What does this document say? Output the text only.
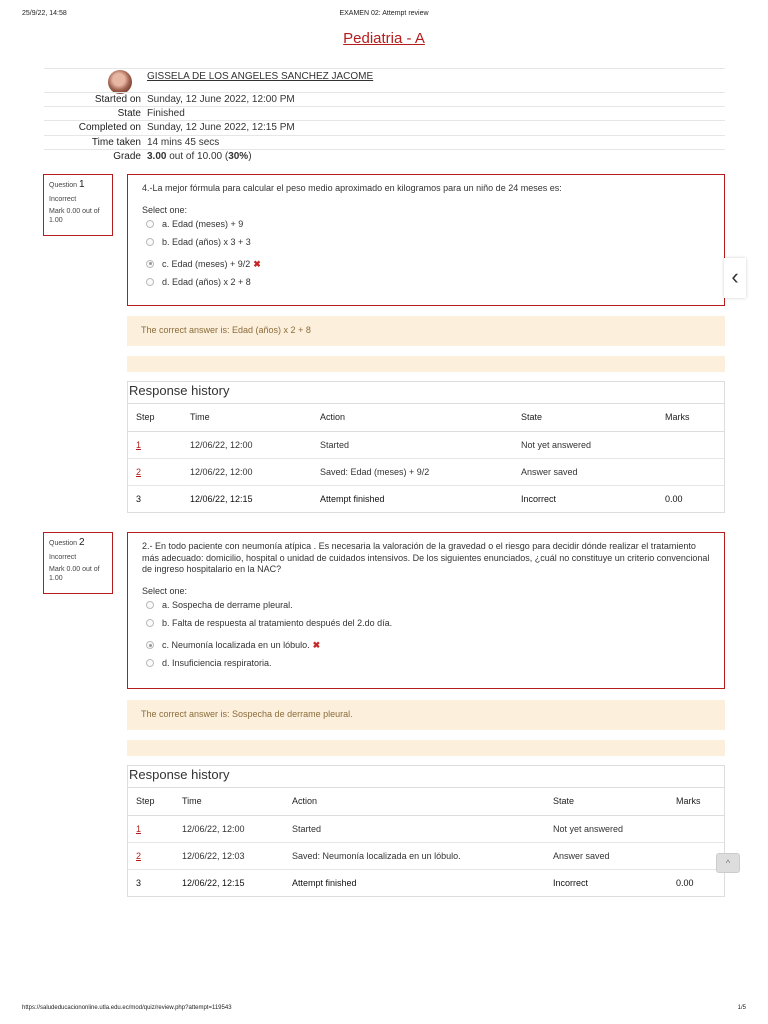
25/9/22, 14:58	EXAMEN 02: Attempt review
Pediatria - A
GISSELA DE LOS ANGELES SANCHEZ JACOME
Started on Sunday, 12 June 2022, 12:00 PM
State Finished
Completed on Sunday, 12 June 2022, 12:15 PM
Time taken 14 mins 45 secs
Grade 3.00 out of 10.00 (30%)
Question 1

Incorrect

Mark 0.00 out of 1.00

4.-La mejor fórmula para calcular el peso medio aproximado en kilogramos para un niño de 24 meses es:
Select one:
a. Edad (meses) + 9
b. Edad (años) x 3 + 3
c. Edad (meses) + 9/2 ✖
d. Edad (años) x 2 + 8
The correct answer is: Edad (años) x 2 + 8
Response history
Step	Time	Action	State	Marks
1	12/06/22, 12:00	Started	Not yet answered	
2	12/06/22, 12:00	Saved: Edad (meses) + 9/2	Answer saved	
3	12/06/22, 12:15	Attempt finished	Incorrect	0.00
Question 2

Incorrect

Mark 0.00 out of 1.00

2.- En todo paciente con neumonía atípica . Es necesaria la valoración de la gravedad o el riesgo para decidir dónde realizar el tratamiento más adecuado: domicilio, hospital o unidad de cuidados intensivos. De los siguientes enunciados, ¿cuál no constituye un criterio convencional de ingreso hospitalario en la NAC?
Select one:
a. Sospecha de derrame pleural.
b. Falta de respuesta al tratamiento después del 2.do día.
c. Neumonía localizada en un lóbulo. ✖
d. Insuficiencia respiratoria.
The correct answer is: Sospecha de derrame pleural.
Response history
Step	Time	Action	State	Marks
1	12/06/22, 12:00	Started	Not yet answered	
2	12/06/22, 12:03	Saved: Neumonía localizada en un lóbulo.	Answer saved	
3	12/06/22, 12:15	Attempt finished	Incorrect	0.00
‹
^
https://saludeducaciononline.utla.edu.ec/mod/quiz/review.php?attempt=119543	1/5
